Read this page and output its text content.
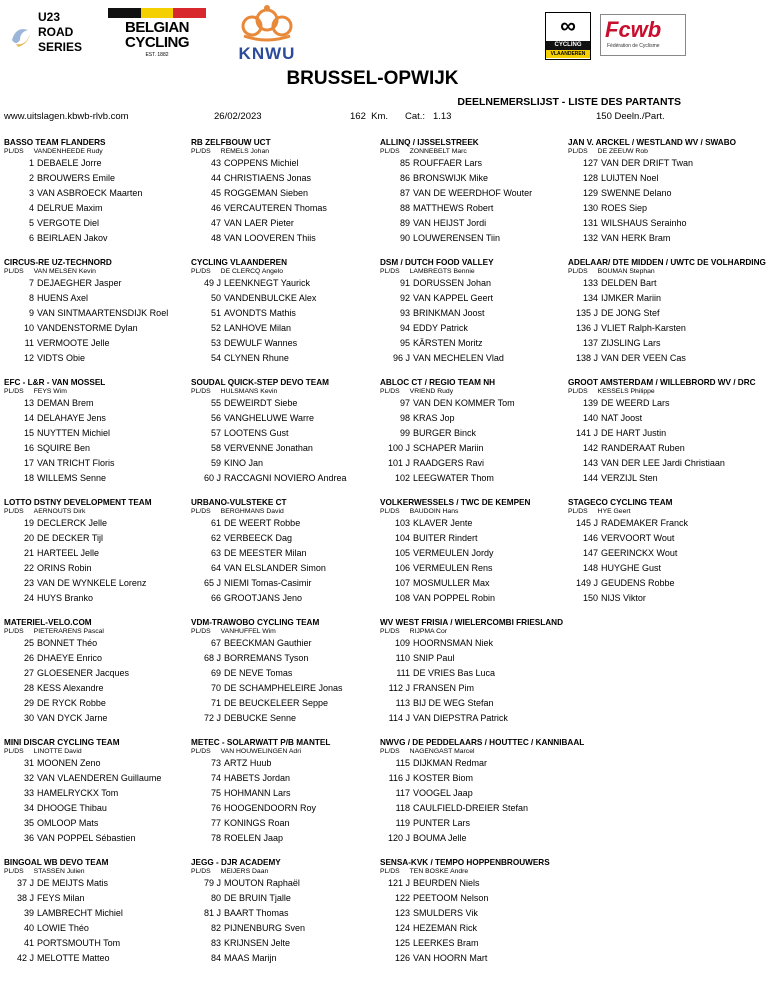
U23
ROAD
SERIES
BELGIAN
CYCLING
EST. 1882	KNWU
∞
CYCLING
VLAANDEREN
Fcwb
Fédération de Cyclisme
BRUSSEL-OPWIJK
DEELNEMERSLIJST - LISTE DES PARTANTS
www.uitslagen.kbwb-rlvb.com	26/02/2023	162  Km. Cat.:   1.13	150 Deeln./Part.
BASSO TEAM FLANDERS
PL/DS VANDENHEEDE Rudy
1 DEBAELE Jorre
2 BROUWERS Emile
3 VAN ASBROECK Maarten
4 DELRUE Maxim
5 VERGOTE Diel
6 BEIRLAEN Jakov
CIRCUS-RE UZ-TECHNORD
PL/DS VAN MELSEN Kevin
7 DEJAEGHER Jasper
8 HUENS Axel
9 VAN SINTMAARTENSDIJK Roel
10 VANDENSTORME Dylan
11 VERMOOTE Jelle
12 VIDTS Obie
EFC - L&R - VAN MOSSEL
PL/DS FEYS Wim
13 DEMAN Brem
14 DELAHAYE Jens
15 NUYTTEN Michiel
16 SQUIRE Ben
17 VAN TRICHT Floris
18 WILLEMS Senne
LOTTO DSTNY DEVELOPMENT TEAM
PL/DS AERNOUTS Dirk
19 DECLERCK Jelle
20 DE DECKER Tijl
21 HARTEEL Jelle
22 ORINS Robin
23 VAN DE WYNKELE Lorenz
24 HUYS Branko
MATERIEL-VELO.COM
PL/DS PIETERARENS Pascal
25 BONNET Théo
26 DHAEYE Enrico
27 GLOESENER Jacques
28 KESS Alexandre
29 DE RYCK Robbe
30 VAN DYCK Jarne
MINI DISCAR CYCLING TEAM
PL/DS LINOTTE David
31 MOONEN Zeno
32 VAN VLAENDEREN Guillaume
33 HAMELRYCKX Tom
34 DHOOGE Thibau
35 OMLOOP Mats
36 VAN POPPEL Sébastien
BINGOAL WB DEVO TEAM
PL/DS STASSEN Julien
37 J DE MEIJTS Matis
38 J FEYS Milan
39 LAMBRECHT Michiel
40 LOWIE Théo
41 PORTSMOUTH Tom
42 J MELOTTE Matteo
RB ZELFBOUW UCT
PL/DS REMELS Johan
43 COPPENS Michiel
44 CHRISTIAENS Jonas
45 ROGGEMAN Sieben
46 VERCAUTEREN Thomas
47 VAN LAER Pieter
48 VAN LOOVEREN Thiis
CYCLING VLAANDEREN
PL/DS DE CLERCQ Angelo
49 J LEENKNEGT Yaurick
50 VANDENBULCKE Alex
51 AVONDTS Mathis
52 LANHOVE Milan
53 DEWULF Wannes
54 CLYNEN Rhune
SOUDAL QUICK-STEP DEVO TEAM
PL/DS HULSMANS Kevin
55 DEWEIRDT Siebe
56 VANGHELUWE Warre
57 LOOTENS Gust
58 VERVENNE Jonathan
59 KINO Jan
60 J RACCAGNI NOVIERO Andrea
URBANO-VULSTEKE CT
PL/DS BERGHMANS David
61 DE WEERT Robbe
62 VERBEECK Dag
63 DE MEESTER Milan
64 VAN ELSLANDER Simon
65 J NIEMI Tomas-Casimir
66 GROOTJANS Jeno
VDM-TRAWOBO CYCLING TEAM
PL/DS VANHUFFEL Wim
67 BEECKMAN Gauthier
68 J BORREMANS Tyson
69 DE NEVE Tomas
70 DE SCHAMPHELEIRE Jonas
71 DE BEUCKELEER Seppe
72 J DEBUCKE Senne
METEC - SOLARWATT P/B MANTEL
PL/DS VAN HOUWELINGEN Adri
73 ARTZ Huub
74 HABETS Jordan
75 HOHMANN Lars
76 HOOGENDOORN Roy
77 KONINGS Roan
78 ROELEN Jaap
JEGG - DJR ACADEMY
PL/DS MEIJERS Daan
79 J MOUTON Raphaël
80 DE BRUIN Tjalle
81 J BAART Thomas
82 PIJNENBURG Sven
83 KRIJNSEN Jelte
84 MAAS Marijn
ALLINQ / IJSSELSTREEK
PL/DS ZONNEBELT Marc
85 ROUFFAER Lars
86 BRONSWIJK Mike
87 VAN DE WEERDHOF Wouter
88 MATTHEWS Robert
89 VAN HEIJST Jordi
90 LOUWERENSEN Tiin
DSM / DUTCH FOOD VALLEY
PL/DS LAMBREGTS Bennie
91 DORUSSEN Johan
92 VAN KAPPEL Geert
93 BRINKMAN Joost
94 EDDY Patrick
95 KÄRSTEN Moritz
96 J VAN MECHELEN Vlad
ABLOC CT / REGIO TEAM NH
PL/DS VRIEND Rudy
97 VAN DEN KOMMER Tom
98 KRAS Jop
99 BURGER Binck
100 J SCHAPER Mariin
101 J RAADGERS Ravi
102 LEEGWATER Thom
VOLKERWESSELS / TWC DE KEMPEN
PL/DS BAUDOIN Hans
103 KLAVER Jente
104 BUITER Rindert
105 VERMEULEN Jordy
106 VERMEULEN Rens
107 MOSMULLER Max
108 VAN POPPEL Robin
WV WEST FRISIA / WIELERCOMBI FRIESLAND
PL/DS RIJPMA Cor
109 HOORNSMAN Niek
110 SNIP Paul
111 DE VRIES Bas Luca
112 J FRANSEN Pim
113 BIJ DE WEG Stefan
114 J VAN DIEPSTRA Patrick
NWVG / DE PEDDELAARS / HOUTTEC / KANNIBAAL
PL/DS NAGENGAST Marcel
115 DIJKMAN Redmar
116 J KOSTER Biom
117 VOOGEL Jaap
118 CAULFIELD-DREIER Stefan
119 PUNTER Lars
120 J BOUMA Jelle
SENSA-KVK / TEMPO HOPPENBROUWERS
PL/DS TEN BOSKE Andre
121 J BEURDEN Niels
122 PEETOOM Nelson
123 SMULDERS Vik
124 HEZEMAN Rick
125 LEERKES Bram
126 VAN HOORN Mart
JAN V. ARCKEL / WESTLAND WV / SWABO
PL/DS DE ZEEUW Rob
127 VAN DER DRIFT Twan
128 LUIJTEN Noel
129 SWENNE Delano
130 ROES Siep
131 WILSHAUS Serainho
132 VAN HERK Bram
ADELAAR/ DTE MIDDEN / UWTC DE VOLHARDING
PL/DS BOUMAN Stephan
133 DELDEN Bart
134 IJMKER Mariin
135 J DE JONG Stef
136 J VLIET Ralph-Karsten
137 ZIJSLING Lars
138 J VAN DER VEEN Cas
GROOT AMSTERDAM / WILLEBRORD WV / DRC
PL/DS KESSELS Philippe
139 DE WEERD Lars
140 NAT Joost
141 J DE HART Justin
142 RANDERAAT Ruben
143 VAN DER LEE Jardi Christiaan
144 VERZIJL Sten
STAGECO CYCLING TEAM
PL/DS HYE Geert
145 J RADEMAKER Franck
146 VERVOORT Wout
147 GEERINCKX Wout
148 HUYGHE Gust
149 J GEUDENS Robbe
150 NIJS Viktor
